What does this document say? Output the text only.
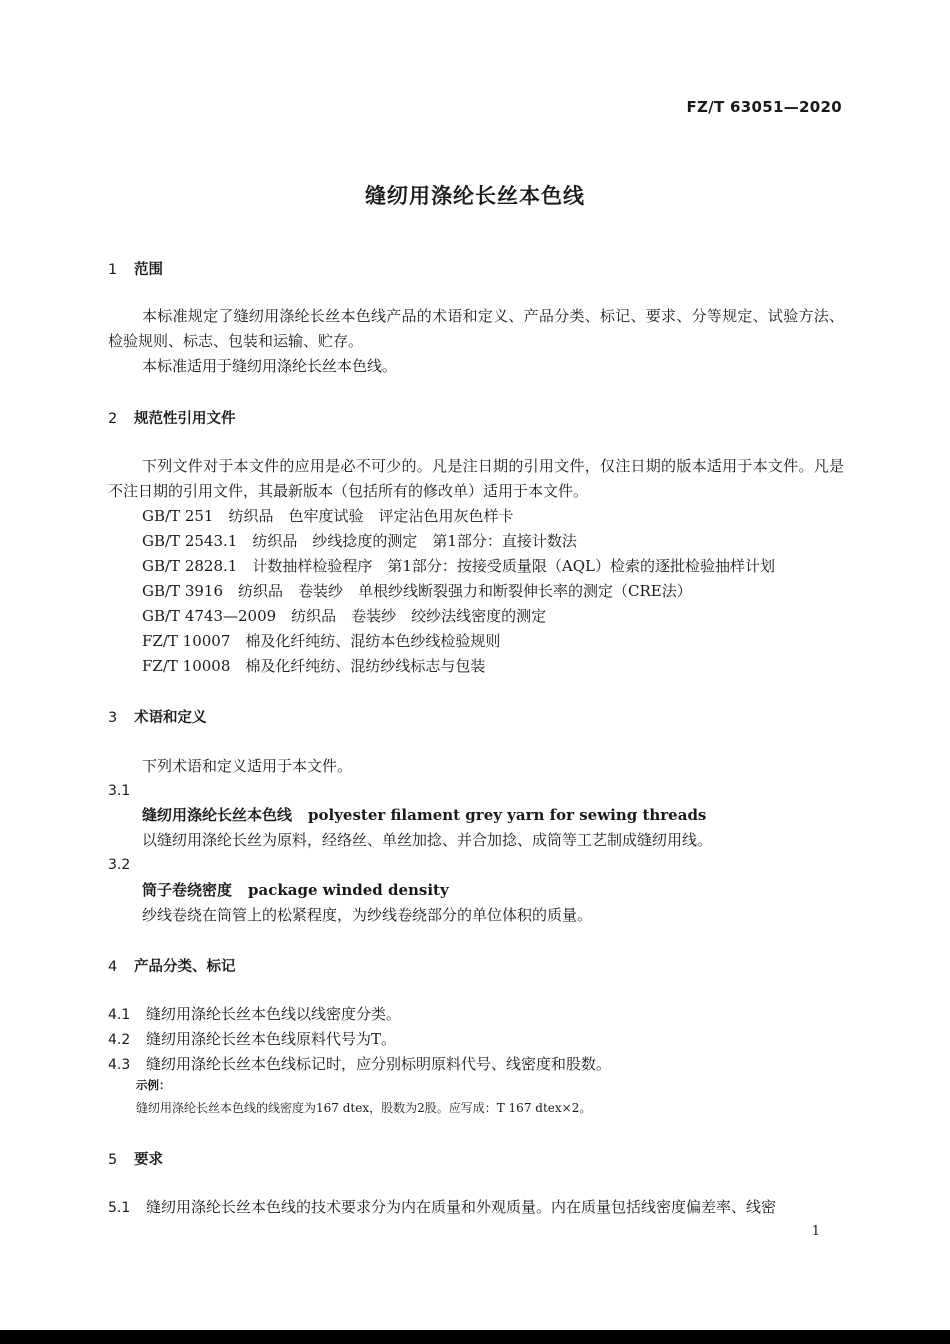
FZ/T 63051—2020
缝纫用涤纶长丝本色线
1 范围
本标准规定了缝纫用涤纶长丝本色线产品的术语和定义、产品分类、标记、要求、分等规定、试验方法、检验规则、标志、包装和运输、贮存。
本标准适用于缝纫用涤纶长丝本色线。
2 规范性引用文件
下列文件对于本文件的应用是必不可少的。凡是注日期的引用文件，仅注日期的版本适用于本文件。凡是不注日期的引用文件，其最新版本（包括所有的修改单）适用于本文件。
GB/T 251　纺织品　色牢度试验　评定沾色用灰色样卡
GB/T 2543.1　纺织品　纱线捻度的测定　第1部分：直接计数法
GB/T 2828.1　计数抽样检验程序　第1部分：按接受质量限（AQL）检索的逐批检验抽样计划
GB/T 3916　纺织品　卷装纱　单根纱线断裂强力和断裂伸长率的测定（CRE法）
GB/T 4743—2009　纺织品　卷装纱　绞纱法线密度的测定
FZ/T 10007　棉及化纤纯纺、混纺本色纱线检验规则
FZ/T 10008　棉及化纤纯纺、混纺纱线标志与包装
3 术语和定义
下列术语和定义适用于本文件。
3.1
缝纫用涤纶长丝本色线 polyester filament grey yarn for sewing threads
以缝纫用涤纶长丝为原料，经络丝、单丝加捻、并合加捻、成筒等工艺制成缝纫用线。
3.2
筒子卷绕密度 package winded density
纱线卷绕在筒管上的松紧程度，为纱线卷绕部分的单位体积的质量。
4 产品分类、标记
4.1 缝纫用涤纶长丝本色线以线密度分类。
4.2 缝纫用涤纶长丝本色线原料代号为T。
4.3 缝纫用涤纶长丝本色线标记时，应分别标明原料代号、线密度和股数。
示例：
缝纫用涤纶长丝本色线的线密度为167 dtex，股数为2股。应写成：T 167 dtex×2。
5 要求
5.1 缝纫用涤纶长丝本色线的技术要求分为内在质量和外观质量。内在质量包括线密度偏差率、线密
1
